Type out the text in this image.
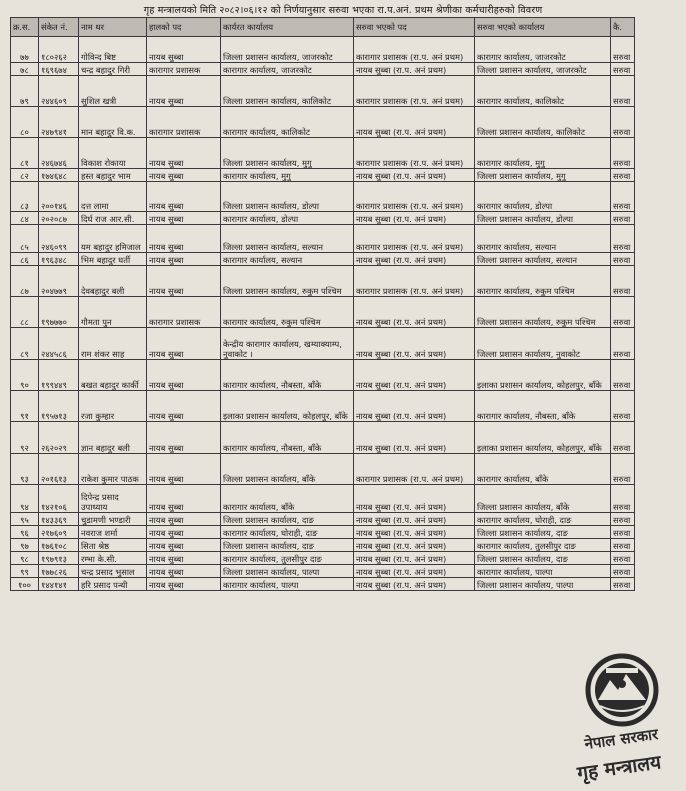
गृह मन्त्रालयको मिति २०८२।०६।१२ को निर्णयानुसार सरुवा भएका रा.प.अनं. प्रथम श्रेणीका कर्मचारीहरुको विवरण
क्र.स.	संकेत नं.	नाम थर	हालको पद	कार्यरत कार्यालय	सरुवा भएको पद	सरुवा भएको कार्यालय	कै.
७७	१८०२६२	गोविन्द बिष्ट	नायब सुब्बा	जिल्ला प्रशासन कार्यालय, जाजरकोट	कारागार प्रशासक (रा.प. अनं प्रथम)	कारागार कार्यालय, जाजरकोट	सरुवा
७८	१६९६७४	चन्द्र बहादुर गिरी	कारागार प्रशासक	कारागार कार्यालय, जाजरकोट	नायब सुब्बा (रा.प. अनं प्रथम)	जिल्ला प्रशासन कार्यालय, जाजरकोट	सरुवा
७९	२४४६०९	सुशिल खत्री	नायब सुब्बा	जिल्ला प्रशासन कार्यालय, कालिकोट	कारागार प्रशासक (रा.प. अनं प्रथम)	कारागार कार्यालय, कालिकोट	सरुवा
८०	२४७९४१	मान बहादुर वि.क.	कारागार प्रशासक	कारागार कार्यालय, कालिकोट	नायब सुब्बा (रा.प. अनं प्रथम)	जिल्ला प्रशासन कार्यालय, कालिकोट	सरुवा
८१	२४६७४६	विकाश रोकाया	नायब सुब्बा	जिल्ला प्रशासन कार्यालय, मुगु	कारागार प्रशासक (रा.प. अनं प्रथम)	कारागार कार्यालय, मुगु	सरुवा
८२	१७४६४८	हस्त बहादुर भाम	नायब सुब्बा	कारागार कार्यालय, मुगु	नायब सुब्बा (रा.प. अनं प्रथम)	जिल्ला प्रशासन कार्यालय, मुगु	सरुवा
८३	२००१४६	दत्त लामा	नायब सुब्बा	जिल्ला प्रशासन कार्यालय, डोल्पा	कारागार प्रशासक (रा.प. अनं प्रथम)	कारागार कार्यालय, डोल्पा	सरुवा
८४	२०२०८७	दिर्घ राज आर.सी.	नायब सुब्बा	कारागार कार्यालय, डोल्पा	नायब सुब्बा (रा.प. अनं प्रथम)	जिल्ला प्रशासन कार्यालय, डोल्पा	सरुवा
८५	२४६०९९	यम बहादुर हमिजाल	नायब सुब्बा	जिल्ला प्रशासन कार्यालय, सल्यान	कारागार प्रशासक (रा.प. अनं प्रथम)	कारागार कार्यालय, सल्यान	सरुवा
८६	१९६३४८	भिम बहादुर घर्ती	नायब सुब्बा	कारागार कार्यालय, सल्यान	नायब सुब्बा (रा.प. अनं प्रथम)	जिल्ला प्रशासन कार्यालय, सल्यान	सरुवा
८७	२०४७७९	देवबहादुर बली	नायब सुब्बा	जिल्ला प्रशासन कार्यालय, रुकुम पश्चिम	कारागार प्रशासक (रा.प. अनं प्रथम)	कारागार कार्यालय, रुकुम पश्चिम	सरुवा
८८	१९७७७०	गौमता पुन	कारागार प्रशासक	कारागार कार्यालय, रुकुम पश्चिम	नायब सुब्बा (रा.प. अनं प्रथम)	जिल्ला प्रशासन कार्यालय, रुकुम पश्चिम	सरुवा
८९	२४४५८६	राम शंकर साह	नायब सुब्बा	केन्द्रीय कारागार कार्यालय, खम्याक्याम्प, नुवाकोट ।	नायब सुब्बा (रा.प. अनं प्रथम)	जिल्ला प्रशासन कार्यालय, नुवाकोट	सरुवा
९०	१९९४४९	बखत बहादुर कार्की	नायब सुब्बा	कारागार कार्यालय, नौबस्ता, बाँके	नायब सुब्बा (रा.प. अनं प्रथम)	इलाका प्रशासन कार्यालय, कोहलपुर, बाँके	सरुवा
९१	१९५७१३	रजा कुम्हार	नायब सुब्बा	इलाका प्रशासन कार्यालय, कोहलपुर, बाँके	नायब सुब्बा (रा.प. अनं प्रथम)	कारागार कार्यालय, नौबस्ता, बाँके	सरुवा
९२	२६२०२९	ज्ञान बहादुर बली	नायब सुब्बा	कारागार कार्यालय, नौबस्ता, बाँके	नायब सुब्बा (रा.प. अनं प्रथम)	इलाका प्रशासन कार्यालय, कोहलपुर, बाँके	सरुवा
९३	२०१६१३	राकेश कुमार पाठक	नायब सुब्बा	जिल्ला प्रशासन कार्यालय, बाँके	कारागार प्रशासक (रा.प. अनं प्रथम)	कारागार कार्यालय, बाँके	सरुवा
९४	१४२१०६	दिपेन्द्र प्रसाद उपाध्याय	नायब सुब्बा	कारागार कार्यालय, बाँके	नायब सुब्बा (रा.प. अनं प्रथम)	जिल्ला प्रशासन कार्यालय, बाँके	सरुवा
९५	१४३३६९	चुडामणी भण्डारी	नायब सुब्बा	जिल्ला प्रशासन कार्यालय, दाङ	नायब सुब्बा (रा.प. अनं प्रथम)	कारागार कार्यालय, घोराही, दाङ	सरुवा
९६	२१७६०९	नवराज शर्मा	नायब सुब्बा	कारागार कार्यालय, घोराही, दाङ	नायब सुब्बा (रा.प. अनं प्रथम)	जिल्ला प्रशासन कार्यालय, दाङ	सरुवा
९७	१७६१०८	सिता श्रेष्ठ	नायब सुब्बा	जिल्ला प्रशासन कार्यालय, दाङ	नायब सुब्बा (रा.प. अनं प्रथम)	कारागार कार्यालय, तुलसीपुर दाङ	सरुवा
९८	१९७९१३	रम्भा के.सी.	नायब सुब्बा	कारागार कार्यालय, तुलसीपुर दाङ	नायब सुब्बा (रा.प. अनं प्रथम)	जिल्ला प्रशासन कार्यालय, दाङ	सरुवा
९९	१७७८२६	चन्द्र प्रसाद भुसाल	नायब सुब्बा	जिल्ला प्रशासन कार्यालय, पाल्पा	नायब सुब्बा (रा.प. अनं प्रथम)	कारागार कार्यालय, पाल्पा	सरुवा
१००	१४४१४१	हरि प्रसाद पन्थी	नायब सुब्बा	कारागार कार्यालय, पाल्पा	नायब सुब्बा (रा.प. अनं प्रथम)	जिल्ला प्रशासन कार्यालय, पाल्पा	सरुवा
नेपाल सरकार
गृह मन्त्रालय
